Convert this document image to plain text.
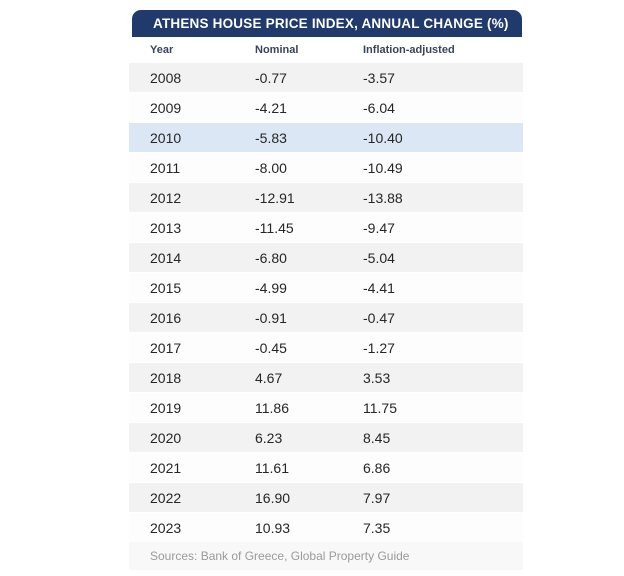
ATHENS HOUSE PRICE INDEX, ANNUAL CHANGE (%)
Year	Nominal	Inflation-adjusted
2008	-0.77	-3.57
2009	-4.21	-6.04
2010	-5.83	-10.40
2011	-8.00	-10.49
2012	-12.91	-13.88
2013	-11.45	-9.47
2014	-6.80	-5.04
2015	-4.99	-4.41
2016	-0.91	-0.47
2017	-0.45	-1.27
2018	4.67	3.53
2019	11.86	11.75
2020	6.23	8.45
2021	11.61	6.86
2022	16.90	7.97
2023	10.93	7.35
Sources: Bank of Greece, Global Property Guide
